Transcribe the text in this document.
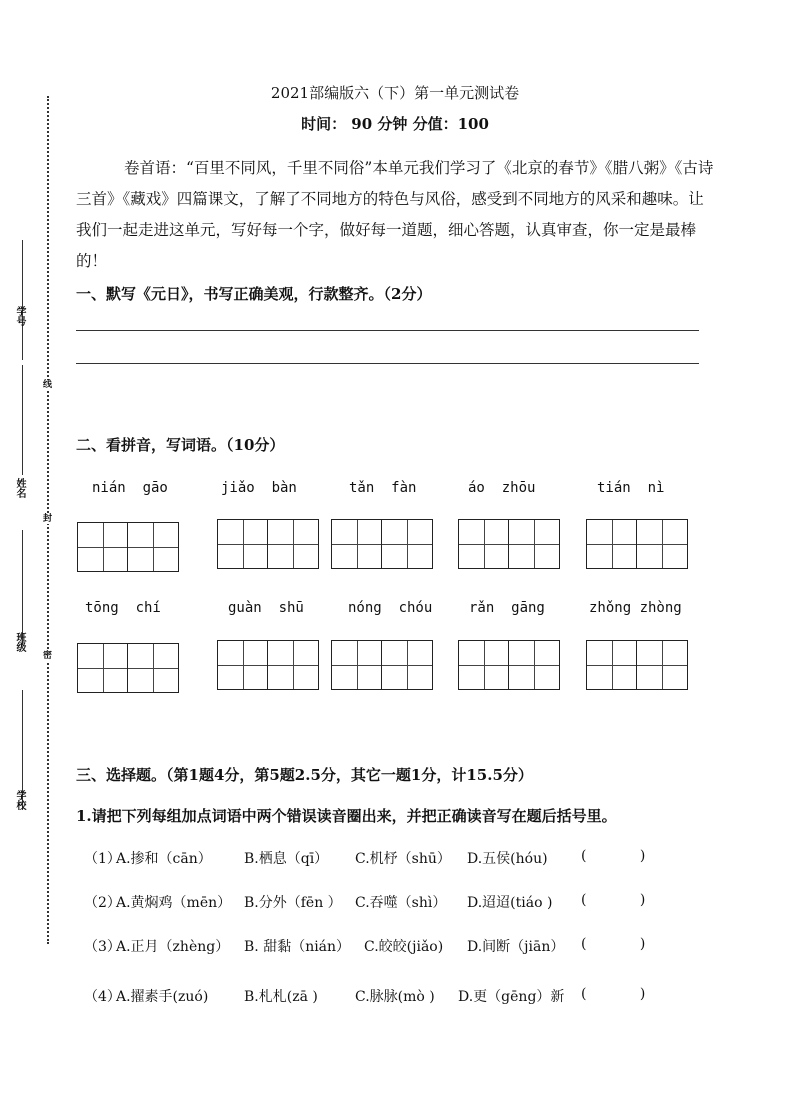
学号
姓名
班级
学校
线
封
密
2021部编版六（下）第一单元测试卷
时间： 90 分钟 分值：100

卷首语：“百里不同风，千里不同俗”本单元我们学习了《北京的春节》《腊八粥》《古诗三首》《藏戏》四篇课文，了解了不同地方的特色与风俗，感受到不同地方的风采和趣味。让我们一起走进这单元，写好每一个字，做好每一道题，细心答题，认真审查，你一定是最棒的！

一、默写《元日》，书写正确美观，行款整齐。（2分）
二、看拼音，写词语。（10分）
nián  gāo	jiǎo  bàn	tǎn  fàn	áo  zhōu	tián  nì
tōng  chí	guàn  shū	nóng  chóu	rǎn  gāng	zhǒng zhòng
三、选择题。（第1题4分，第5题2.5分，其它一题1分，计15.5分）
1.请把下列每组加点词语中两个错误读音圈出来，并把正确读音写在题后括号里。

（1）

A.掺和（cān）

B.栖息（qī）

C.机杼（shū）

D.五侯(hóu)

(            )

（2）

A.黄焖鸡（mēn）

B.分外（fēn ）

C.吞噬（shì）

D.迢迢(tiáo )

(            )

（3）

A.正月（zhèng）

B. 甜黏（nián）

C.皎皎(jiǎo)

D.间断（jiān）

(            )

（4）

A.擢素手(zuó)

	B.札札(zā )

	C.脉脉(mò )

D.更（gēng）新

(            )
